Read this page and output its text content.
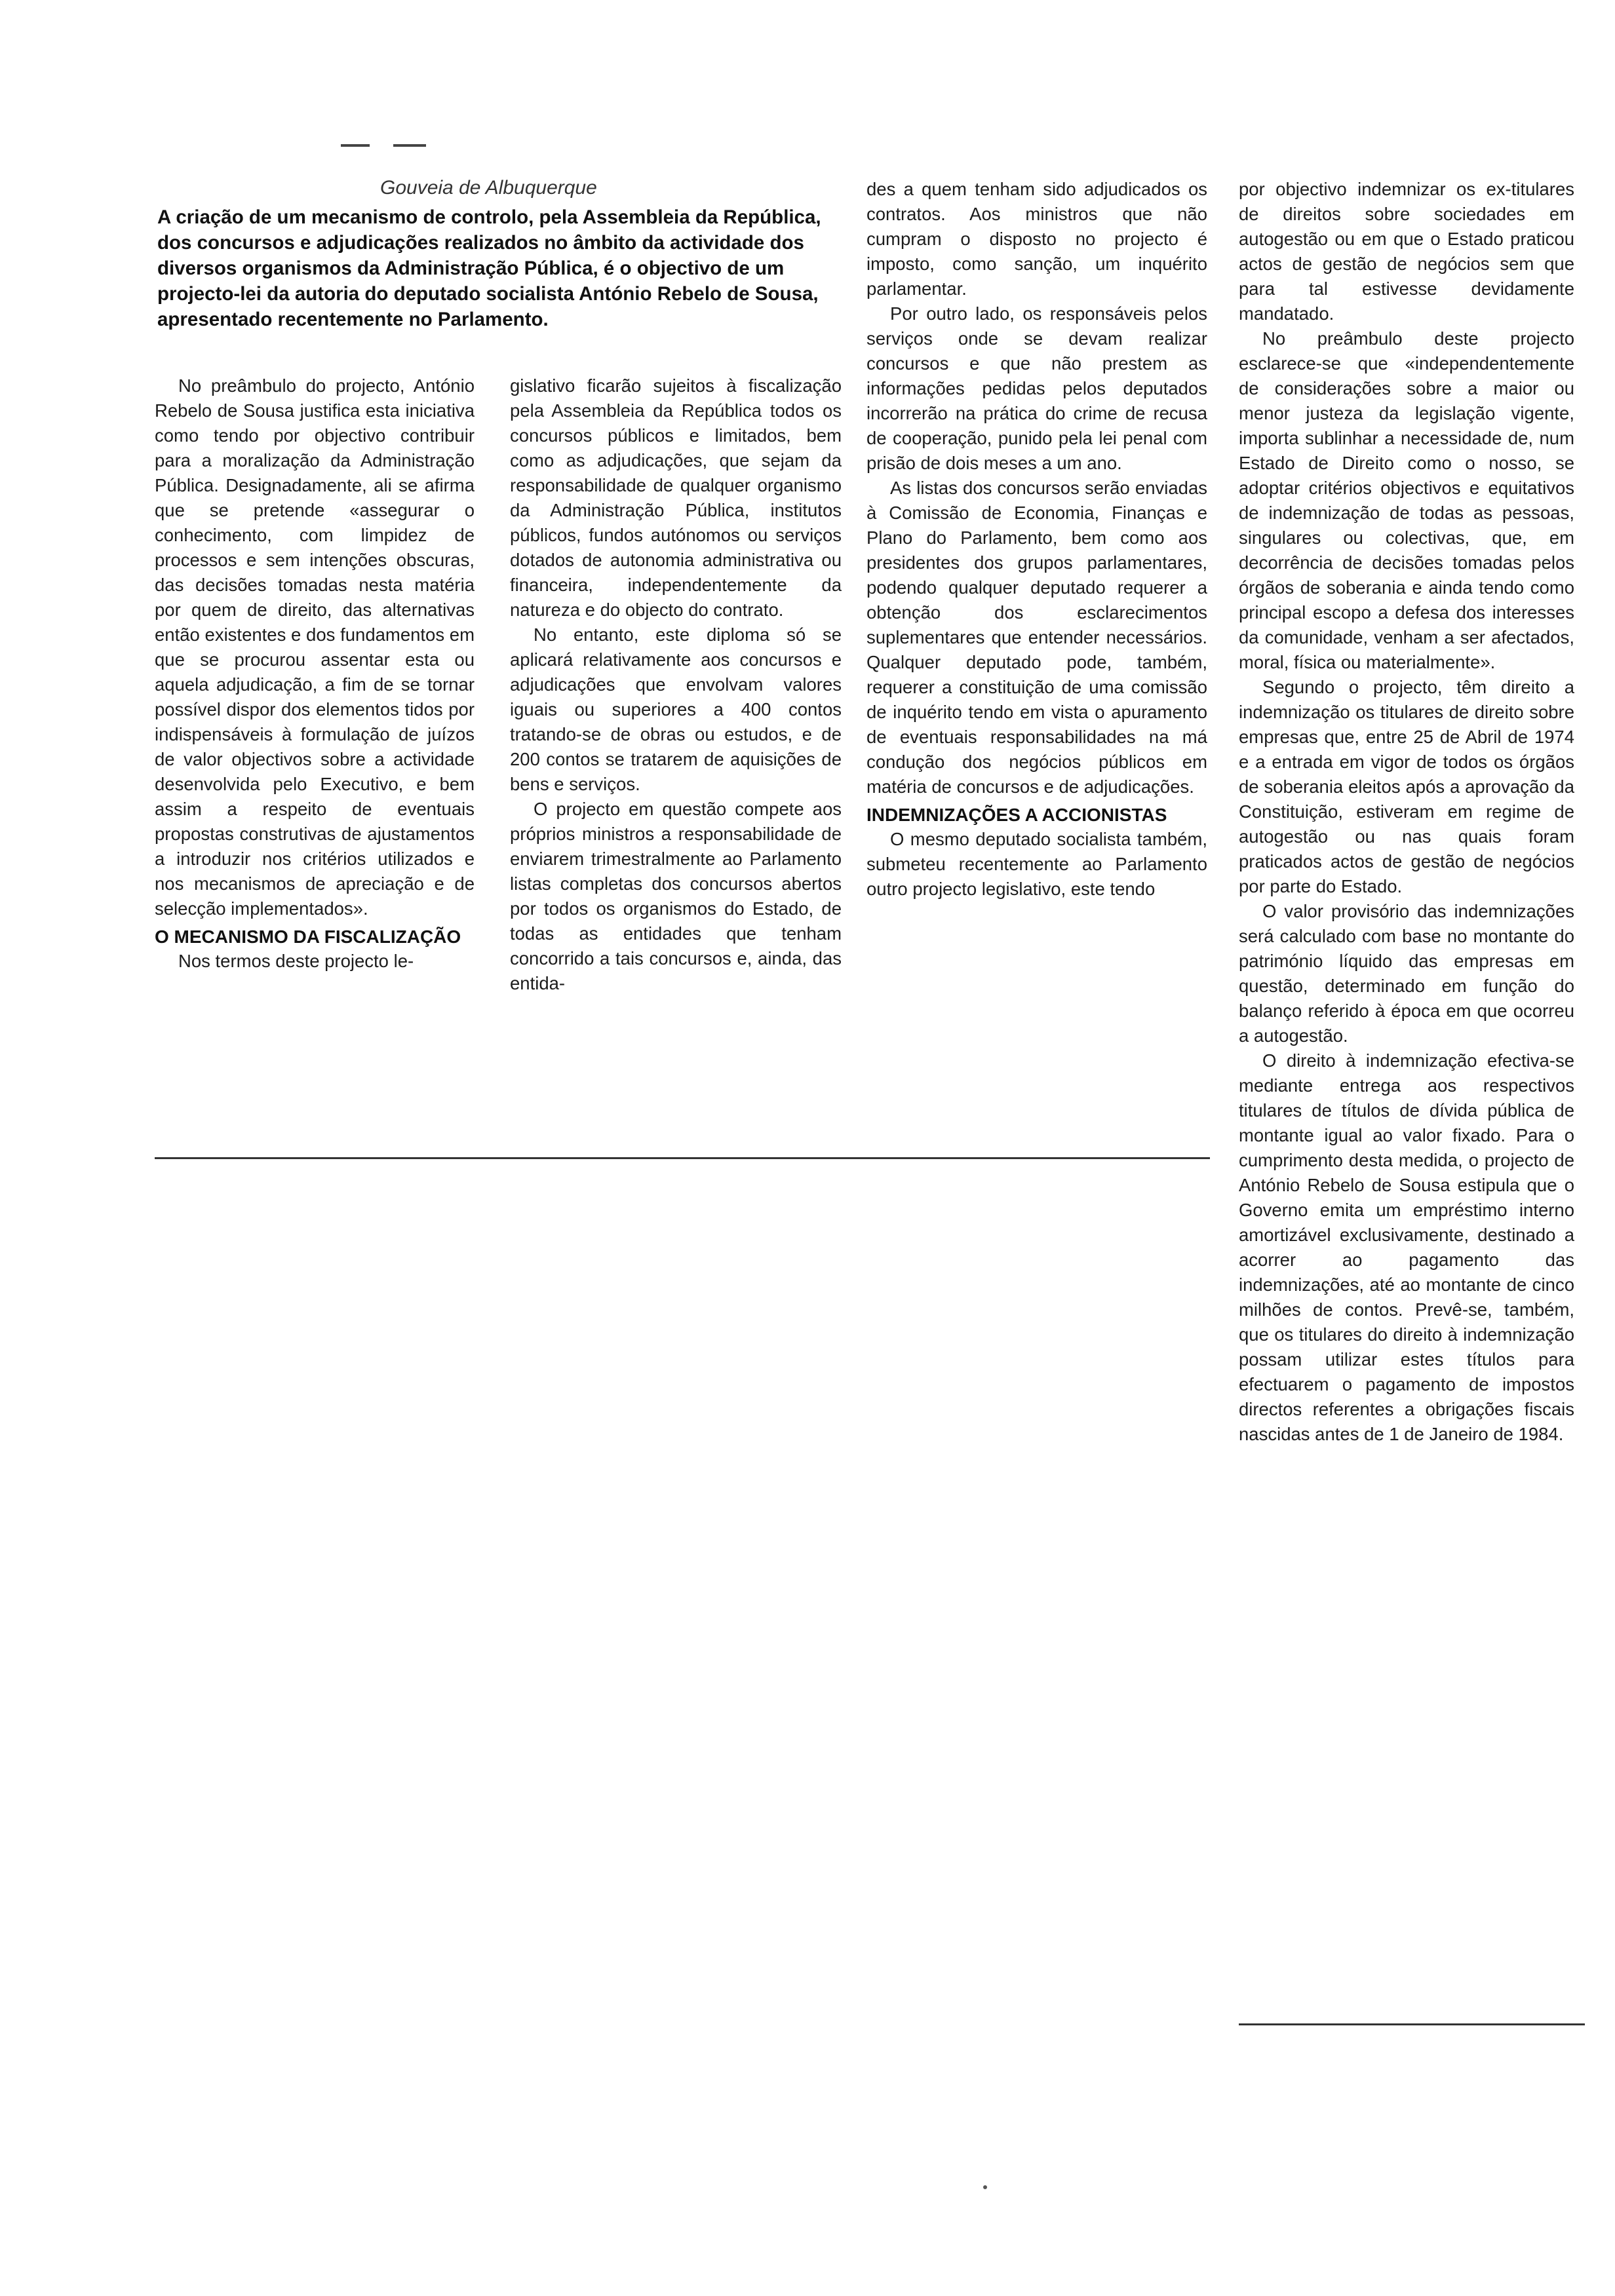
Gouveia de Albuquerque

A criação de um mecanismo de controlo, pela Assembleia da República, dos concursos e adjudicações realizados no âmbito da actividade dos diversos organismos da Administração Pública, é o objectivo de um projecto-lei da autoria do deputado socialista António Rebelo de Sousa, apresentado recentemente no Parlamento.

No preâmbulo do projecto, António Rebelo de Sousa justifica esta iniciativa como tendo por objectivo contribuir para a moralização da Administração Pública. Designadamente, ali se afirma que se pretende «assegurar o conhecimento, com limpidez de processos e sem intenções obscuras, das decisões tomadas nesta matéria por quem de direito, das alternativas então existentes e dos fundamentos em que se procurou assentar esta ou aquela adjudicação, a fim de se tornar possível dispor dos elementos tidos por indispensáveis à formulação de juízos de valor objectivos sobre a actividade desenvolvida pelo Executivo, e bem assim a respeito de eventuais propostas construtivas de ajustamentos a introduzir nos critérios utilizados e nos mecanismos de apreciação e de selecção implementados».

O MECANISMO DA FISCALIZAÇÃO

Nos termos deste projecto le-

gislativo ficarão sujeitos à fiscalização pela Assembleia da República todos os concursos públicos e limitados, bem como as adjudicações, que sejam da responsabilidade de qualquer organismo da Administração Pública, institutos públicos, fundos autónomos ou serviços dotados de autonomia administrativa ou financeira, independentemente da natureza e do objecto do contrato.

No entanto, este diploma só se aplicará relativamente aos concursos e adjudicações que envolvam valores iguais ou superiores a 400 contos tratando-se de obras ou estudos, e de 200 contos se tratarem de aquisições de bens e serviços.

O projecto em questão compete aos próprios ministros a responsabilidade de enviarem trimestralmente ao Parlamento listas completas dos concursos abertos por todos os organismos do Estado, de todas as entidades que tenham concorrido a tais concursos e, ainda, das entida-

des a quem tenham sido adjudicados os contratos. Aos ministros que não cumpram o disposto no projecto é imposto, como sanção, um inquérito parlamentar.

Por outro lado, os responsáveis pelos serviços onde se devam realizar concursos e que não prestem as informações pedidas pelos deputados incorrerão na prática do crime de recusa de cooperação, punido pela lei penal com prisão de dois meses a um ano.

As listas dos concursos serão enviadas à Comissão de Economia, Finanças e Plano do Parlamento, bem como aos presidentes dos grupos parlamentares, podendo qualquer deputado requerer a obtenção dos esclarecimentos suplementares que entender necessários. Qualquer deputado pode, também, requerer a constituição de uma comissão de inquérito tendo em vista o apuramento de eventuais responsabilidades na má condução dos negócios públicos em matéria de concursos e de adjudicações.

INDEMNIZAÇÕES A ACCIONISTAS

O mesmo deputado socialista também, submeteu recentemente ao Parlamento outro projecto legislativo, este tendo

por objectivo indemnizar os ex-titulares de direitos sobre sociedades em autogestão ou em que o Estado praticou actos de gestão de negócios sem que para tal estivesse devidamente mandatado.

No preâmbulo deste projecto esclarece-se que «independentemente de considerações sobre a maior ou menor justeza da legislação vigente, importa sublinhar a necessidade de, num Estado de Direito como o nosso, se adoptar critérios objectivos e equitativos de indemnização de todas as pessoas, singulares ou colectivas, que, em decorrência de decisões tomadas pelos órgãos de soberania e ainda tendo como principal escopo a defesa dos interesses da comunidade, venham a ser afectados, moral, física ou materialmente».

Segundo o projecto, têm direito a indemnização os titulares de direito sobre empresas que, entre 25 de Abril de 1974 e a entrada em vigor de todos os órgãos de soberania eleitos após a aprovação da Constituição, estiveram em regime de autogestão ou nas quais foram praticados actos de gestão de negócios por parte do Estado.

O valor provisório das indemnizações será calculado com base no montante do património líquido das empresas em questão, determinado em função do balanço referido à época em que ocorreu a autogestão.

O direito à indemnização efectiva-se mediante entrega aos respectivos titulares de títulos de dívida pública de montante igual ao valor fixado. Para o cumprimento desta medida, o projecto de António Rebelo de Sousa estipula que o Governo emita um empréstimo interno amortizável exclusivamente, destinado a acorrer ao pagamento das indemnizações, até ao montante de cinco milhões de contos. Prevê-se, também, que os titulares do direito à indemnização possam utilizar estes títulos para efectuarem o pagamento de impostos directos referentes a obrigações fiscais nascidas antes de 1 de Janeiro de 1984.
